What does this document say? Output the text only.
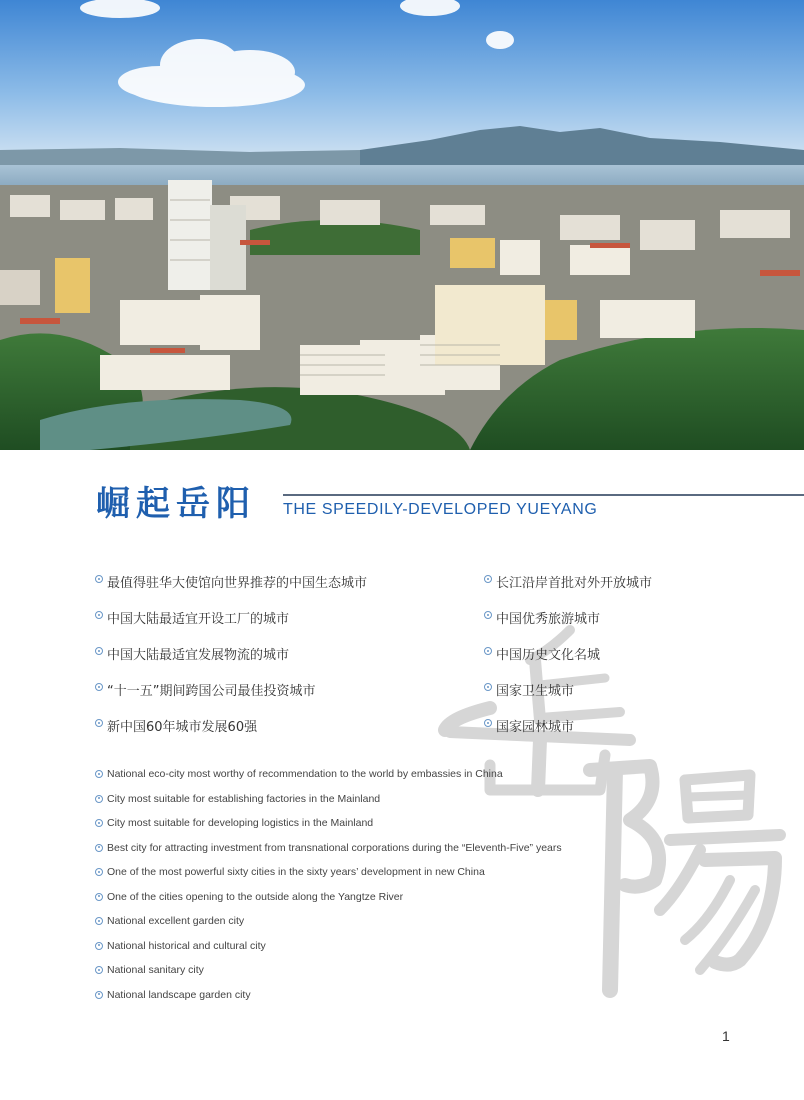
崛起岳阳 THE SPEEDILY-DEVELOPED YUEYANG
最值得驻华大使馆向世界推荐的中国生态城市
中国大陆最适宜开设工厂的城市
中国大陆最适宜发展物流的城市
“十一五”期间跨国公司最佳投资城市
新中国60年城市发展60强
长江沿岸首批对外开放城市
中国优秀旅游城市
中国历史文化名城
国家卫生城市
国家园林城市
National eco-city most worthy of recommendation to the world by embassies in China
City most suitable for establishing factories in the Mainland
City most suitable for developing logistics in the Mainland
Best city for attracting investment from transnational corporations during the “Eleventh-Five” years
One of the most powerful sixty cities in the sixty years’ development in new China
One of the cities opening to the outside along the Yangtze River
National excellent garden city
National historical and cultural city
National sanitary city
National landscape garden city
1
